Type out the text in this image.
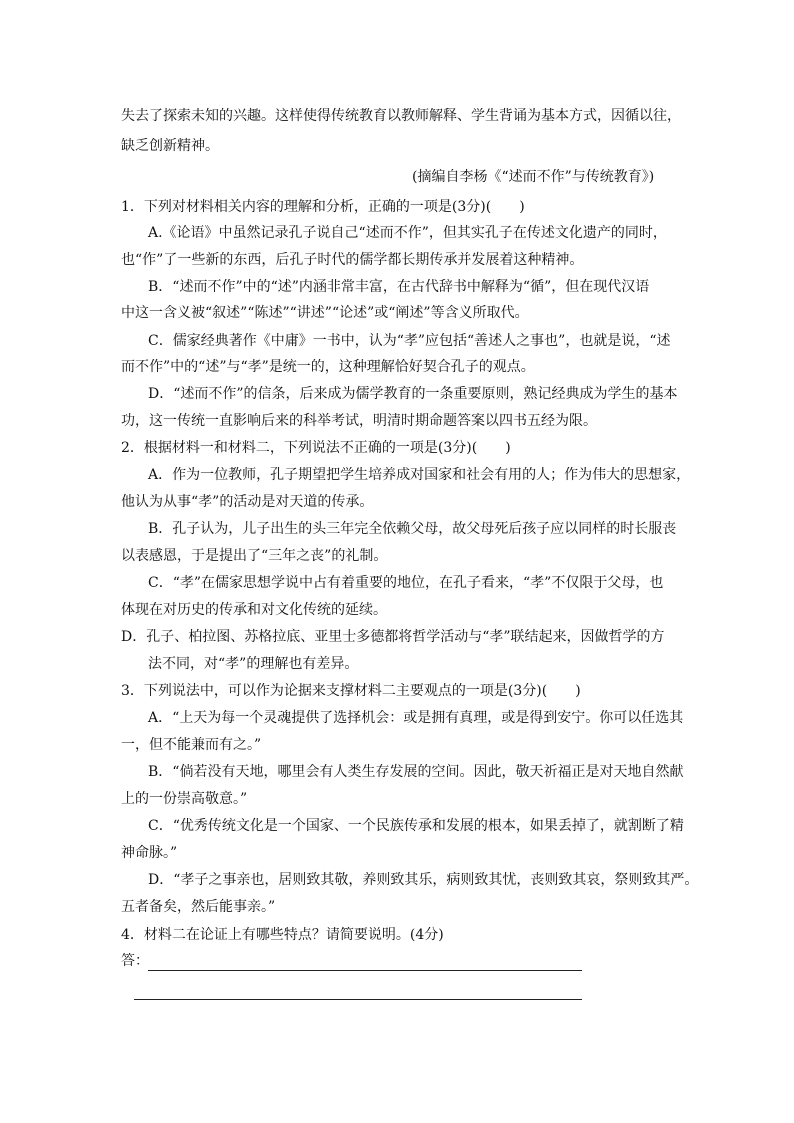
失去了探索未知的兴趣。这样使得传统教育以教师解释、学生背诵为基本方式，因循以往，
缺乏创新精神。
(摘编自李杨《“述而不作”与传统教育》)
1．下列对材料相关内容的理解和分析，正确的一项是(3分)(　　)
A.《论语》中虽然记录孔子说自己“述而不作”，但其实孔子在传述文化遗产的同时，
也“作”了一些新的东西，后孔子时代的儒学都长期传承并发展着这种精神。
B．“述而不作”中的“述”内涵非常丰富，在古代辞书中解释为“循”，但在现代汉语
中这一含义被“叙述”“陈述”“讲述”“论述”或“阐述”等含义所取代。
C．儒家经典著作《中庸》一书中，认为“孝”应包括“善述人之事也”，也就是说，“述
而不作”中的“述”与“孝”是统一的，这种理解恰好契合孔子的观点。
D．“述而不作”的信条，后来成为儒学教育的一条重要原则，熟记经典成为学生的基本
功，这一传统一直影响后来的科举考试，明清时期命题答案以四书五经为限。
2．根据材料一和材料二，下列说法不正确的一项是(3分)(　　)
A．作为一位教师，孔子期望把学生培养成对国家和社会有用的人；作为伟大的思想家，
他认为从事“孝”的活动是对天道的传承。
B．孔子认为，儿子出生的头三年完全依赖父母，故父母死后孩子应以同样的时长服丧
以表感恩，于是提出了“三年之丧”的礼制。
C．“孝”在儒家思想学说中占有着重要的地位，在孔子看来，“孝”不仅限于父母，也
体现在对历史的传承和对文化传统的延续。
D．孔子、柏拉图、苏格拉底、亚里士多德都将哲学活动与“孝”联结起来，因做哲学的方
法不同，对“孝”的理解也有差异。
3．下列说法中，可以作为论据来支撑材料二主要观点的一项是(3分)(　　)
A．“上天为每一个灵魂提供了选择机会：或是拥有真理，或是得到安宁。你可以任选其
一，但不能兼而有之。”
B．“倘若没有天地，哪里会有人类生存发展的空间。因此，敬天祈福正是对天地自然献
上的一份崇高敬意。”
C．“优秀传统文化是一个国家、一个民族传承和发展的根本，如果丢掉了，就割断了精
神命脉。”
D．“孝子之事亲也，居则致其敬，养则致其乐，病则致其忧，丧则致其哀，祭则致其严。
五者备矣，然后能事亲。”
4．材料二在论证上有哪些特点？请简要说明。(4分)
答：
